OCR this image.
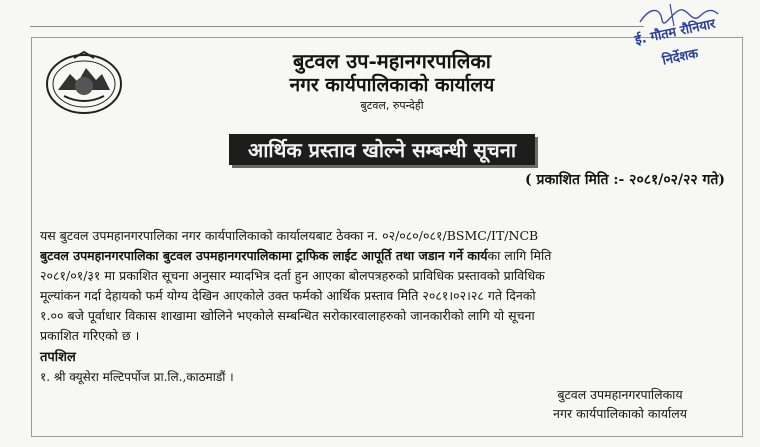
ई. गौतम रौनियार
निर्देशक
बुटवल उप-महानगरपालिका
नगर कार्यपालिकाको कार्यालय
बुटवल, रुपन्देही
आर्थिक प्रस्ताव खोल्ने सम्बन्धी सूचना
( प्रकाशित मिति :- २०८१/०२/२२ गते)
यस बुटवल उपमहानगरपालिका नगर कार्यपालिकाको कार्यालयबाट ठेक्का न. ०२/०८०/०८१/BSMC/IT/NCB
बुटवल उपमहानगरपालिका बुटवल उपमहानगरपालिकामा ट्राफिक लाईट आपूर्ति तथा जडान गर्ने कार्यका लागि मिति
२०८१/०१/३१ मा प्रकाशित सूचना अनुसार म्यादभित्र दर्ता हुन आएका बोलपत्रहरुको प्राविधिक प्रस्तावको प्राविधिक
मूल्यांकन गर्दा देहायको फर्म योग्य देखिन आएकोले उक्त फर्मको आर्थिक प्रस्ताव मिति २०८१।०२।२८ गते दिनको
१.०० बजे पूर्वाधार विकास शाखामा खोलिने भएकोले सम्बन्धित सरोकारवालाहरुको जानकारीको लागि यो सूचना
प्रकाशित गरिएको छ ।
तपशिल
१. श्री क्यूसेरा मल्टिपर्पोज प्रा.लि.,काठमाडौं ।
बुटवल उपमहानगरपालिकाय
नगर कार्यपालिकाको कार्यालय
